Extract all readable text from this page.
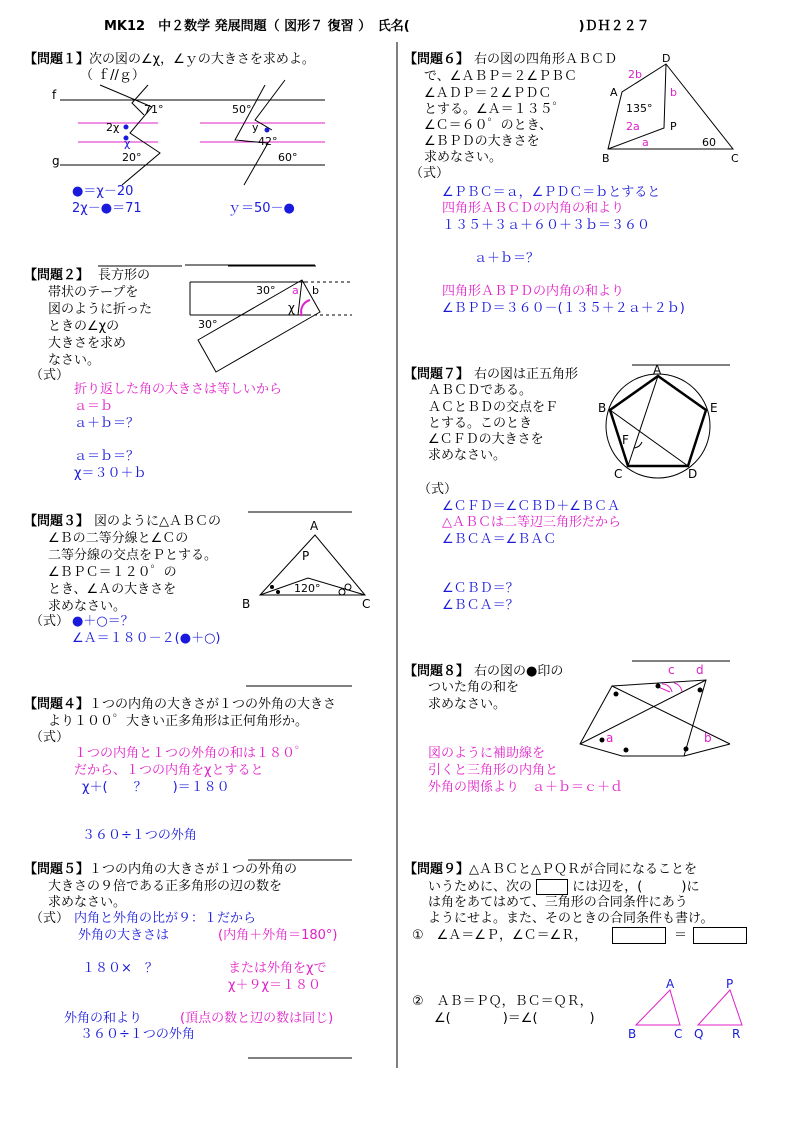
MK12　中２数学 発展問題（ 図形７ 復習 ）　氏名(　　　　　　　　　　　　　)ＤＨ２２７
【問題１】次の図の∠χ，∠ｙの大きさを求めよ。
（ ｆ//ｇ）
f
g
71°
2χ
χ
20°
50°
y
42°
60°
●＝χ－20
2χ－●＝71	ｙ＝50－●
【問題２】 長方形の
帯状のテープを
図のように折った
ときの∠χの
大きさを求め
なさい。
（式）
30°
30°
a b
χ
折り返した角の大きさは等しいから
ａ＝ｂ
ａ＋ｂ＝？
ａ＝ｂ＝？
χ＝３０＋ｂ
【問題３】 図のように△ＡＢＣの
∠Ｂの二等分線と∠Ｃの
二等分線の交点をＰとする。
∠ＢＰＣ＝１２０゜の
とき、∠Ａの大きさを
求めなさい。
（式） ●＋○＝？
∠Ａ＝１８０－２(●＋○)
A
B	C
P
120°
【問題４】１つの内角の大きさが１つの外角の大きさ
より１００゜大きい正多角形は正何角形か。
（式）
１つの内角と１つの外角の和は１８０゜
だから、１つの内角をχとすると
χ＋(　　？　　)＝１８０
３６０÷１つの外角
【問題５】１つの内角の大きさが１つの外角の
大きさの９倍である正多角形の辺の数を
求めなさい。
（式） 内角と外角の比が９：１だから
外角の大きさは	(内角＋外角＝180°)
１８０×　？	または外角をχで
χ＋９χ＝１８０
外角の和より	(頂点の数と辺の数は同じ)
３６０÷１つの外角
【問題６】 右の図の四角形ＡＢＣＤ
で、∠ＡＢＰ＝２∠ＰＢＣ
∠ＡＤＰ＝２∠ＰＤＣ
とする。∠Ａ＝１３５゜
∠Ｃ＝６０゜のとき、
∠ＢＰＤの大きさを
求めなさい。
（式）
D
A
B	C
P
135°
60
2b
b
2a
a
∠ＰＢＣ＝ａ，∠ＰＤＣ＝ｂとすると
四角形ＡＢＣＤの内角の和より
１３５＋３ａ＋６０＋３ｂ＝３６０
ａ＋ｂ＝？
四角形ＡＢＰＤの内角の和より
∠ＢＰＤ＝３６０－(１３５＋２ａ＋２ｂ)
【問題７】 右の図は正五角形
ＡＢＣＤである。
ＡＣとＢＤの交点をＦ
とする。このとき
∠ＣＦＤの大きさを
求めなさい。
（式）
A
B	E
C	D
F
∠ＣＦＤ＝∠ＣＢＤ＋∠ＢＣＡ
△ＡＢＣは二等辺三角形だから
∠ＢＣＡ＝∠ＢＡＣ
∠ＣＢＤ＝？
∠ＢＣＡ＝？
【問題８】 右の図の●印の
ついた角の和を
求めなさい。
c d
a	b
図のように補助線を
引くと三角形の内角と
外角の関係より　ａ＋ｂ＝ｃ＋ｄ
【問題９】△ＡＢＣと△ＰＱＲが合同になることを
いうために、次の	には辺を，(　　　)に
は角をあてはめて、三角形の合同条件にあう
ようにせよ。また、そのときの合同条件も書け。
①　∠Ａ＝∠Ｐ，∠Ｃ＝∠Ｒ，	＝
②　ＡＢ＝ＰＱ，ＢＣ＝ＱＲ，
∠(　　　　)＝∠(　　　　)
A
B	C
P
Q R
